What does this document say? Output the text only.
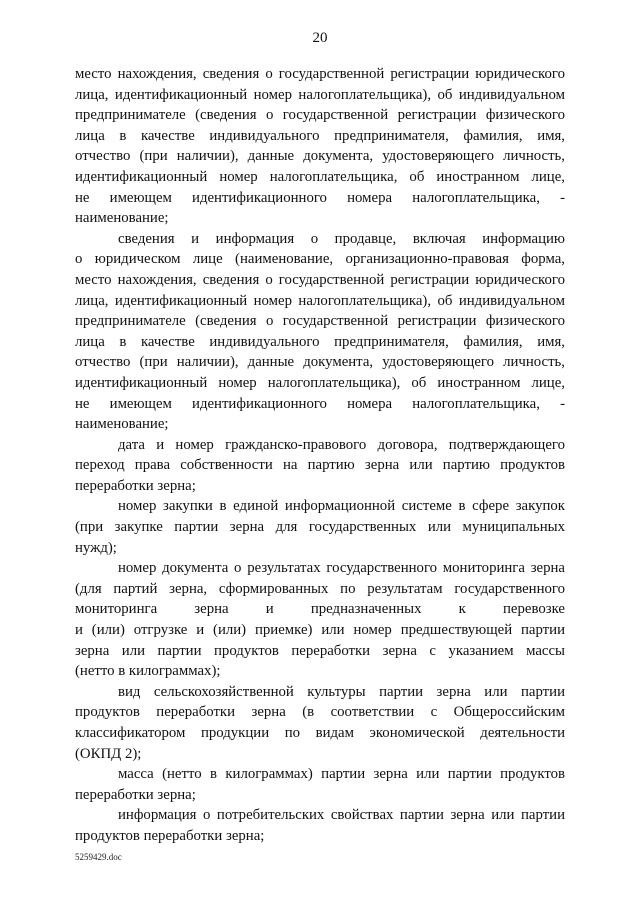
20
место нахождения, сведения о государственной регистрации юридического
лица, идентификационный номер налогоплательщика), об индивидуальном
предпринимателе (сведения о государственной регистрации физического
лица в качестве индивидуального предпринимателя, фамилия, имя,
отчество (при наличии), данные документа, удостоверяющего личность,
идентификационный номер налогоплательщика, об иностранном лице,
не имеющем идентификационного номера налогоплательщика, -
наименование;
сведения и информация о продавце, включая информацию
о юридическом лице (наименование, организационно-правовая форма,
место нахождения, сведения о государственной регистрации юридического
лица, идентификационный номер налогоплательщика), об индивидуальном
предпринимателе (сведения о государственной регистрации физического
лица в качестве индивидуального предпринимателя, фамилия, имя,
отчество (при наличии), данные документа, удостоверяющего личность,
идентификационный номер налогоплательщика), об иностранном лице,
не имеющем идентификационного номера налогоплательщика, -
наименование;
дата и номер гражданско-правового договора, подтверждающего
переход права собственности на партию зерна или партию продуктов
переработки зерна;
номер закупки в единой информационной системе в сфере закупок
(при закупке партии зерна для государственных или муниципальных
нужд);
номер документа о результатах государственного мониторинга зерна
(для партий зерна, сформированных по результатам государственного
мониторинга зерна и предназначенных к перевозке
и (или) отгрузке и (или) приемке) или номер предшествующей партии
зерна или партии продуктов переработки зерна с указанием массы
(нетто в килограммах);
вид сельскохозяйственной культуры партии зерна или партии
продуктов переработки зерна (в соответствии с Общероссийским
классификатором продукции по видам экономической деятельности
(ОКПД 2);
масса (нетто в килограммах) партии зерна или партии продуктов
переработки зерна;
информация о потребительских свойствах партии зерна или партии
продуктов переработки зерна;
5259429.doc
